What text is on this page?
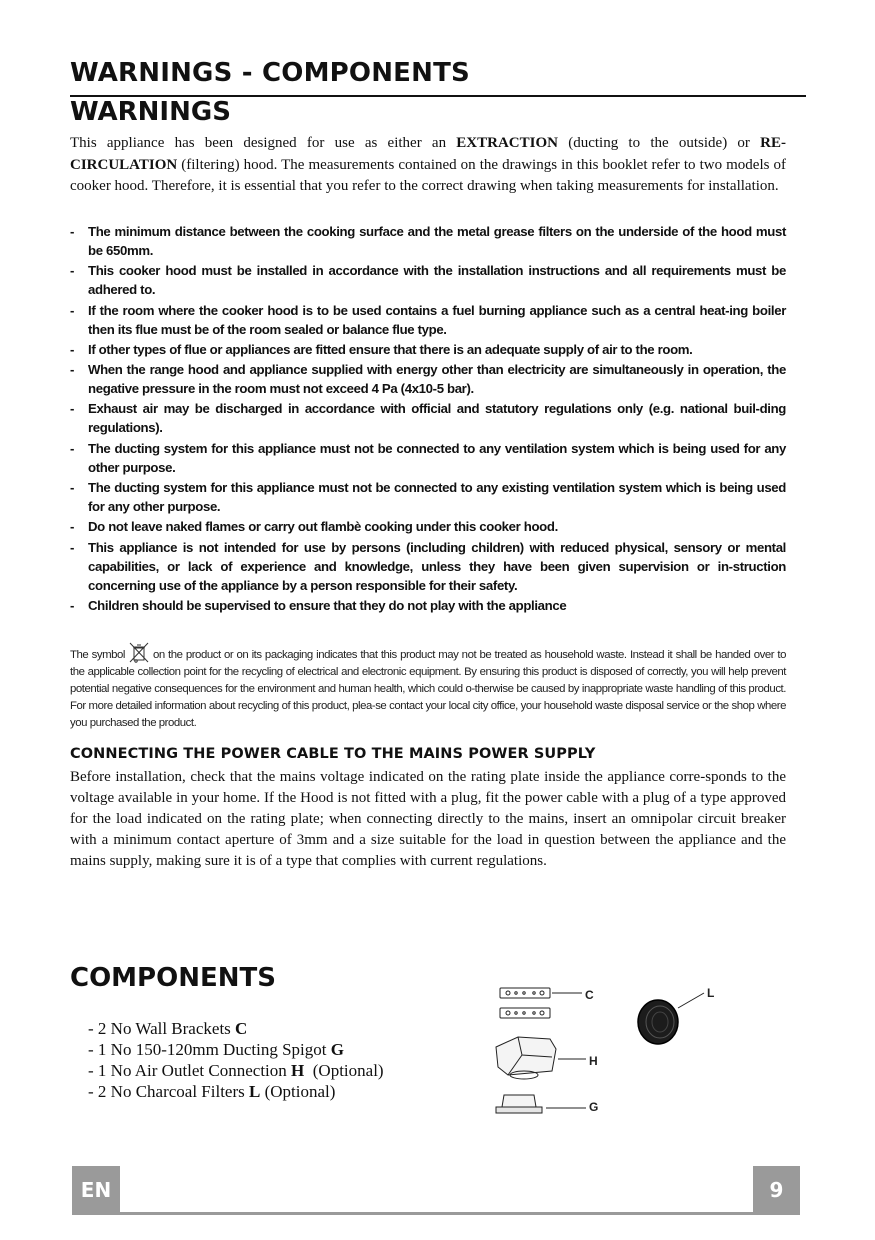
WARNINGS - COMPONENTS
WARNINGS

This appliance has been designed for use as either an EXTRACTION (ducting to the outside) or RE-CIRCULATION (filtering) hood. The measurements contained on the drawings in this booklet refer to two models of cooker hood. Therefore, it is essential that you refer to the correct drawing when taking measurements for installation.

- The minimum distance between the cooking surface and the metal grease filters on the underside of the hood must be 650mm.
- This cooker hood must be installed in accordance with the installation instructions and all requirements must be adhered to.
- If the room where the cooker hood is to be used contains a fuel burning appliance such as a central heat-ing boiler then its flue must be of the room sealed or balance flue type.
- If other types of flue or appliances are fitted ensure that there is an adequate supply of air to the room.
- When the range hood and appliance supplied with energy other than electricity are simultaneously in operation, the negative pressure in the room must not exceed 4 Pa (4x10-5 bar).
- Exhaust air may be discharged in accordance with official and statutory regulations only (e.g. national buil-ding regulations).
- The ducting system for this appliance must not be connected to any ventilation system which is being used for any other purpose.
- The ducting system for this appliance must not be connected to any existing ventilation system which is being used for any other purpose.
- Do not leave naked flames or carry out flambè cooking under this cooker hood.
- This appliance is not intended for use by persons (including children) with reduced physical, sensory or mental capabilities, or lack of experience and knowledge, unless they have been given supervision or in-struction concerning use of the appliance by a person responsible for their safety.
- Children should be supervised to ensure that they do not play with the appliance

The symbol on the product or on its packaging indicates that this product may not be treated as household waste. Instead it shall be handed over to the applicable collection point for the recycling of electrical and electronic equipment. By ensuring this product is disposed of correctly, you will help prevent potential negative consequences for the environment and human health, which could o-therwise be caused by inappropriate waste handling of this product. For more detailed information about recycling of this product, plea-se contact your local city office, your household waste disposal service or the shop where you purchased the product.

CONNECTING THE POWER CABLE TO THE MAINS POWER SUPPLY

Before installation, check that the mains voltage indicated on the rating plate inside the appliance corre-sponds to the voltage available in your home. If the Hood is not fitted with a plug, fit the power cable with a plug of a type approved for the load indicated on the rating plate; when connecting directly to the mains, insert an omnipolar circuit breaker with a minimum contact aperture of 3mm and a size suitable for the load in question between the appliance and the mains supply, making sure it is of a type that complies with current regulations.

COMPONENTS
- 2 No Wall Brackets C
- 1 No 150-120mm Ducting Spigot G
- 1 No Air Outlet Connection H (Optional)
- 2 No Charcoal Filters L (Optional)
C	L
H
G
EN	9
